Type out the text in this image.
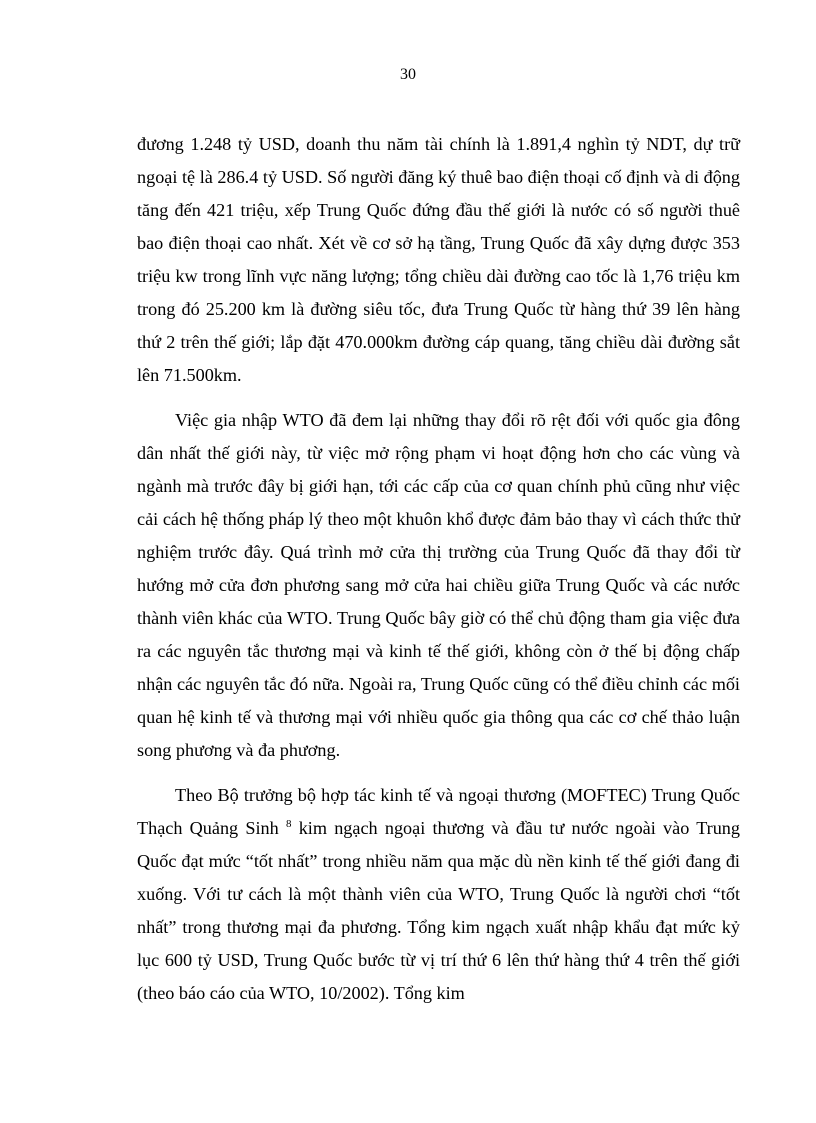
30

đương 1.248 tỷ USD, doanh thu năm tài chính là 1.891,4 nghìn tỷ NDT, dự trữ ngoại tệ là 286.4 tỷ USD. Số người đăng ký thuê bao điện thoại cố định và di động tăng đến 421 triệu, xếp Trung Quốc đứng đầu thế giới là nước có số người thuê bao điện thoại cao nhất. Xét về cơ sở hạ tầng, Trung Quốc đã xây dựng được 353 triệu kw trong lĩnh vực năng lượng; tổng chiều dài đường cao tốc là 1,76 triệu km trong đó 25.200 km là đường siêu tốc, đưa Trung Quốc từ hàng thứ 39 lên hàng thứ 2 trên thế giới; lắp đặt 470.000km đường cáp quang, tăng chiều dài đường sắt lên 71.500km.

Việc gia nhập WTO đã đem lại những thay đổi rõ rệt đối với quốc gia đông dân nhất thế giới này, từ việc mở rộng phạm vi hoạt động hơn cho các vùng và ngành mà trước đây bị giới hạn, tới các cấp của cơ quan chính phủ cũng như việc cải cách hệ thống pháp lý theo một khuôn khổ được đảm bảo thay vì cách thức thử nghiệm trước đây. Quá trình mở cửa thị trường của Trung Quốc đã thay đổi từ hướng mở cửa đơn phương sang mở cửa hai chiều giữa Trung Quốc và các nước thành viên khác của WTO. Trung Quốc bây giờ có thể chủ động tham gia việc đưa ra các nguyên tắc thương mại và kinh tế thế giới, không còn ở thế bị động chấp nhận các nguyên tắc đó nữa. Ngoài ra, Trung Quốc cũng có thể điều chỉnh các mối quan hệ kinh tế và thương mại với nhiều quốc gia thông qua các cơ chế thảo luận song phương và đa phương.

Theo Bộ trưởng bộ hợp tác kinh tế và ngoại thương (MOFTEC) Trung Quốc Thạch Quảng Sinh $^8$ kim ngạch ngoại thương và đầu tư nước ngoài vào Trung Quốc đạt mức “tốt nhất” trong nhiều năm qua mặc dù nền kinh tế thế giới đang đi xuống. Với tư cách là một thành viên của WTO, Trung Quốc là người chơi “tốt nhất” trong thương mại đa phương. Tổng kim ngạch xuất nhập khẩu đạt mức kỷ lục 600 tỷ USD, Trung Quốc bước từ vị trí thứ 6 lên thứ hàng thứ 4 trên thế giới (theo báo cáo của WTO, 10/2002). Tổng kim
